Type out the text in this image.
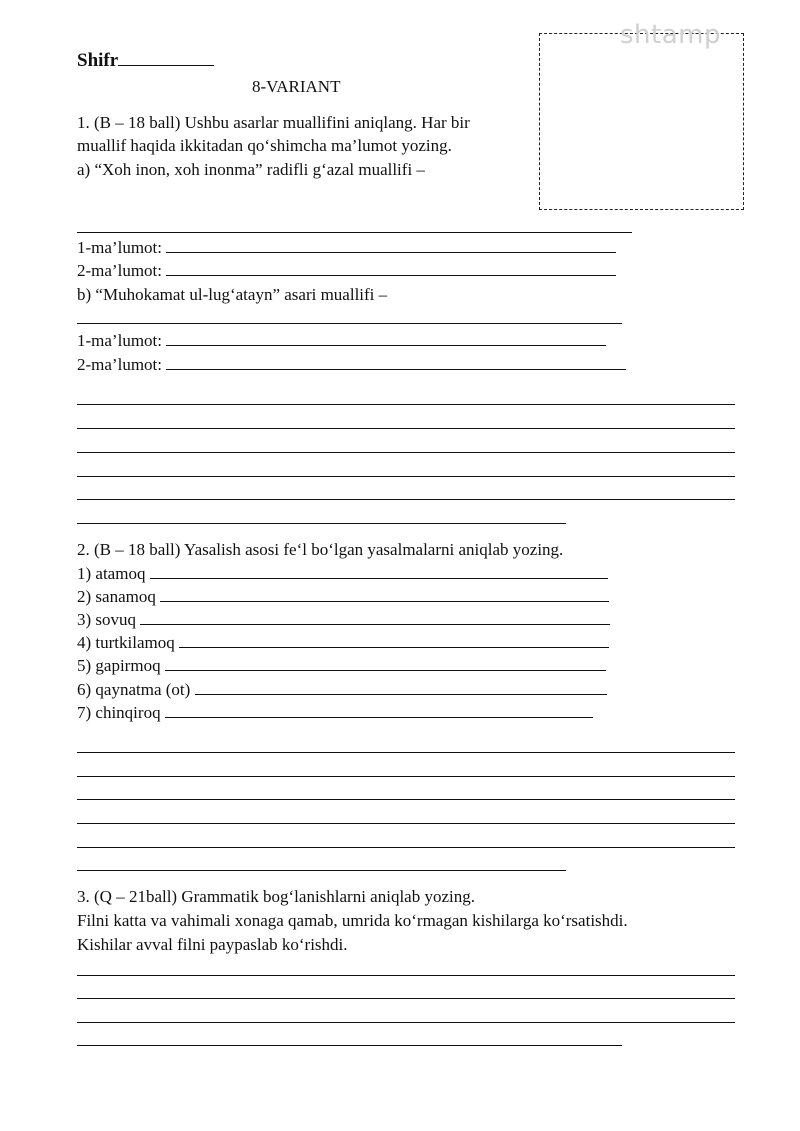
Shifr
8-VARIANT
shtamp
1. (B – 18 ball) Ushbu asarlar muallifini aniqlang. Har bir
muallif haqida ikkitadan qo‘shimcha ma’lumot yozing.
a) “Xoh inon, xoh inonma” radifli g‘azal muallifi –
1-ma’lumot:
2-ma’lumot:
b) “Muhokamat ul-lug‘atayn” asari muallifi –
1-ma’lumot:
2-ma’lumot:
2. (B – 18 ball) Yasalish asosi fe‘l bo‘lgan yasalmalarni aniqlab yozing.
1) atamoq
2) sanamoq
3) sovuq
4) turtkilamoq
5) gapirmoq
6) qaynatma (ot)
7) chinqiroq
3. (Q – 21ball) Grammatik bog‘lanishlarni aniqlab yozing.
Filni katta va vahimali xonaga qamab, umrida ko‘rmagan kishilarga ko‘rsatishdi.
Kishilar avval filni paypaslab ko‘rishdi.
